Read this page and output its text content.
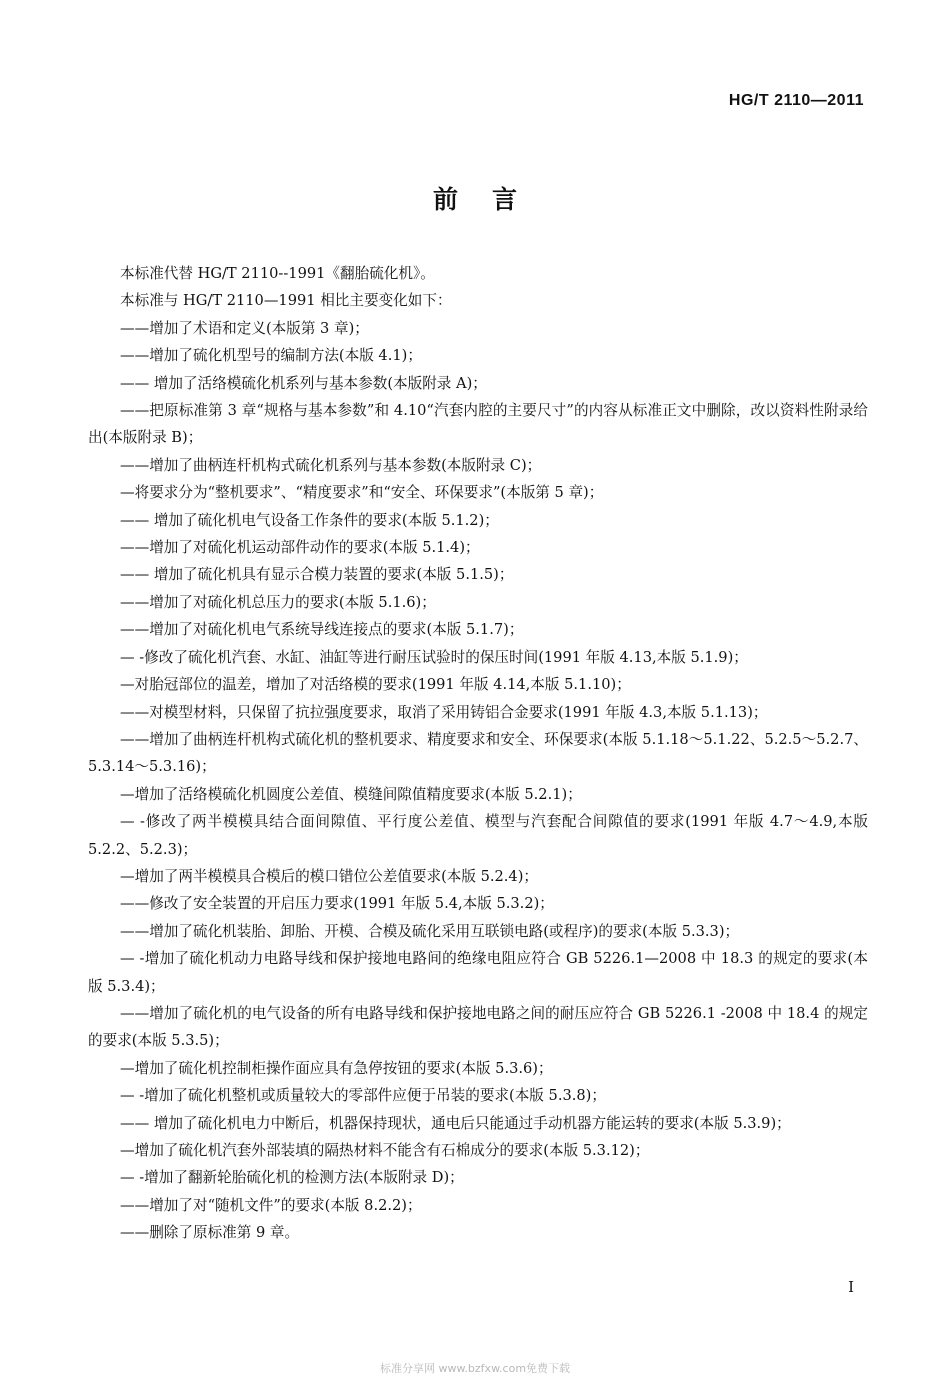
HG/T 2110—2011
前言

本标准代替 HG/T 2110--1991《翻胎硫化机》。

本标准与 HG/T 2110—1991 相比主要变化如下：

——增加了术语和定义(本版第 3 章)；

——增加了硫化机型号的编制方法(本版 4.1)；

—— 增加了活络模硫化机系列与基本参数(本版附录 A)；

——把原标准第 3 章“规格与基本参数”和 4.10“汽套内腔的主要尺寸”的内容从标准正文中删除，改以资料性附录给出(本版附录 B)；

——增加了曲柄连杆机构式硫化机系列与基本参数(本版附录 C)；

—将要求分为“整机要求”、“精度要求”和“安全、环保要求”(本版第 5 章)；

—— 增加了硫化机电气设备工作条件的要求(本版 5.1.2)；

——增加了对硫化机运动部件动作的要求(本版 5.1.4)；

—— 增加了硫化机具有显示合模力装置的要求(本版 5.1.5)；

——增加了对硫化机总压力的要求(本版 5.1.6)；

——增加了对硫化机电气系统导线连接点的要求(本版 5.1.7)；

— -修改了硫化机汽套、水缸、油缸等进行耐压试验时的保压时间(1991 年版 4.13,本版 5.1.9)；

—对胎冠部位的温差，增加了对活络模的要求(1991 年版 4.14,本版 5.1.10)；

——对模型材料，只保留了抗拉强度要求，取消了采用铸铝合金要求(1991 年版 4.3,本版 5.1.13)；

——增加了曲柄连杆机构式硫化机的整机要求、精度要求和安全、环保要求(本版 5.1.18～5.1.22、5.2.5～5.2.7、5.3.14～5.3.16)；

—增加了活络模硫化机圆度公差值、模缝间隙值精度要求(本版 5.2.1)；

— -修改了两半模模具结合面间隙值、平行度公差值、模型与汽套配合间隙值的要求(1991 年版 4.7～4.9,本版 5.2.2、5.2.3)；

—增加了两半模模具合模后的模口错位公差值要求(本版 5.2.4)；

——修改了安全装置的开启压力要求(1991 年版 5.4,本版 5.3.2)；

——增加了硫化机装胎、卸胎、开模、合模及硫化采用互联锁电路(或程序)的要求(本版 5.3.3)；

— -增加了硫化机动力电路导线和保护接地电路间的绝缘电阻应符合 GB 5226.1—2008 中 18.3 的规定的要求(本版 5.3.4)；

——增加了硫化机的电气设备的所有电路导线和保护接地电路之间的耐压应符合 GB 5226.1 -2008 中 18.4 的规定的要求(本版 5.3.5)；

—增加了硫化机控制柜操作面应具有急停按钮的要求(本版 5.3.6)；

— -增加了硫化机整机或质量较大的零部件应便于吊装的要求(本版 5.3.8)；

—— 增加了硫化机电力中断后，机器保持现状，通电后只能通过手动机器方能运转的要求(本版 5.3.9)；

—增加了硫化机汽套外部装填的隔热材料不能含有石棉成分的要求(本版 5.3.12)；

— -增加了翻新轮胎硫化机的检测方法(本版附录 D)；

——增加了对“随机文件”的要求(本版 8.2.2)；

——删除了原标准第 9 章。

I
标准分享网 www.bzfxw.com免费下载
